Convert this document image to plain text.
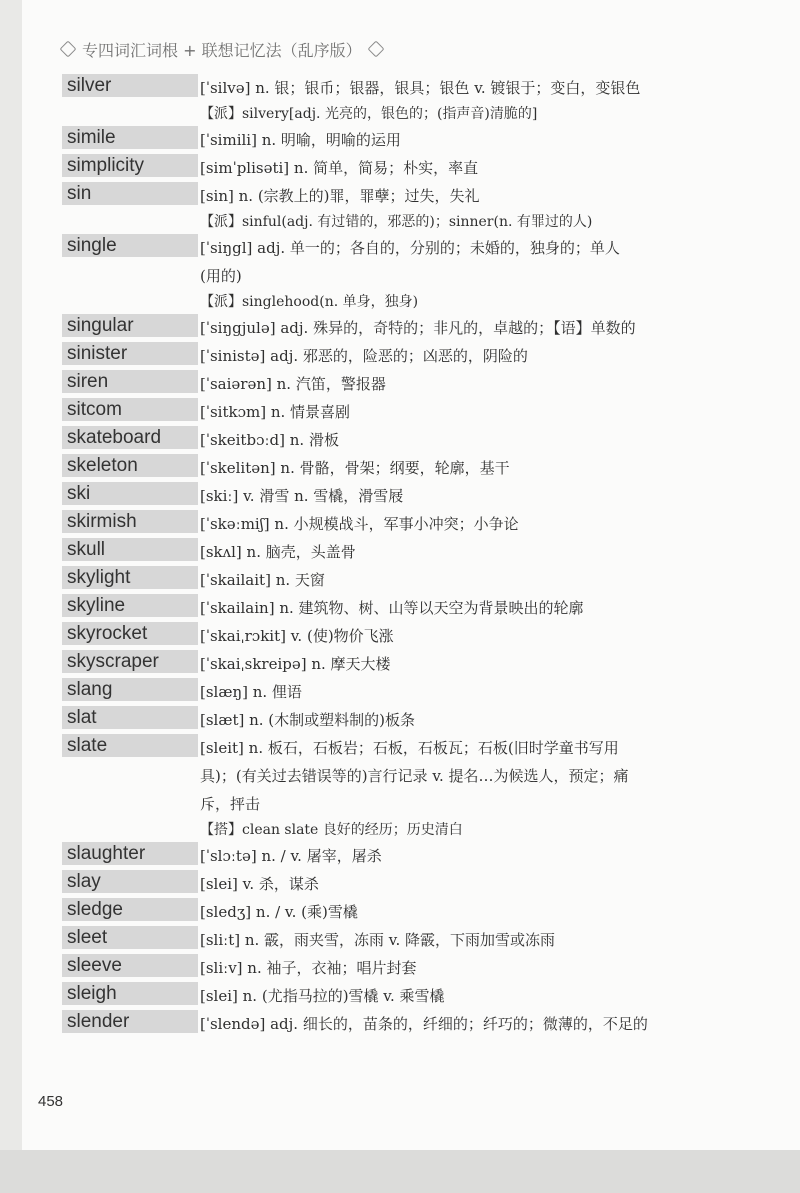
专四词汇词根 + 联想记忆法（乱序版）
silver	[ˈsilvə] n. 银；银币；银器，银具；银色 v. 镀银于；变白，变银色

【派】silvery[adj. 光亮的，银色的；(指声音)清脆的]

simile	[ˈsimili] n. 明喻，明喻的运用

simplicity	[simˈplisəti] n. 简单，简易；朴实，率直

sin	[sin] n. (宗教上的)罪，罪孽；过失，失礼

【派】sinful(adj. 有过错的，邪恶的)；sinner(n. 有罪过的人)

single	[ˈsiŋgl] adj. 单一的；各自的，分别的；未婚的，独身的；单人

(用的)

【派】singlehood(n. 单身，独身)

singular	[ˈsiŋgjulə] adj. 殊异的，奇特的；非凡的，卓越的；【语】单数的

sinister	[ˈsinistə] adj. 邪恶的，险恶的；凶恶的，阴险的

siren	[ˈsaiərən] n. 汽笛，警报器

sitcom	[ˈsitkɔm] n. 情景喜剧

skateboard	[ˈskeitbɔːd] n. 滑板

skeleton	[ˈskelitən] n. 骨骼，骨架；纲要，轮廓，基干

ski	[skiː] v. 滑雪 n. 雪橇，滑雪屐

skirmish	[ˈskəːmiʃ] n. 小规模战斗，军事小冲突；小争论

skull	[skʌl] n. 脑壳，头盖骨

skylight	[ˈskailait] n. 天窗

skyline	[ˈskailain] n. 建筑物、树、山等以天空为背景映出的轮廓

skyrocket	[ˈskaiˌrɔkit] v. (使)物价飞涨

skyscraper	[ˈskaiˌskreipə] n. 摩天大楼

slang	[slæŋ] n. 俚语

slat	[slæt] n. (木制或塑料制的)板条

slate	[sleit] n. 板石，石板岩；石板，石板瓦；石板(旧时学童书写用

具)；(有关过去错误等的)言行记录 v. 提名…为候选人，预定；痛

斥，抨击

【搭】clean slate 良好的经历；历史清白

slaughter	[ˈslɔːtə] n. / v. 屠宰，屠杀

slay	[slei] v. 杀，谋杀

sledge	[sledʒ] n. / v. (乘)雪橇

sleet	[sliːt] n. 霰，雨夹雪，冻雨 v. 降霰，下雨加雪或冻雨

sleeve	[sliːv] n. 袖子，衣袖；唱片封套

sleigh	[slei] n. (尤指马拉的)雪橇 v. 乘雪橇

slender	[ˈslendə] adj. 细长的，苗条的，纤细的；纤巧的；微薄的，不足的

458
